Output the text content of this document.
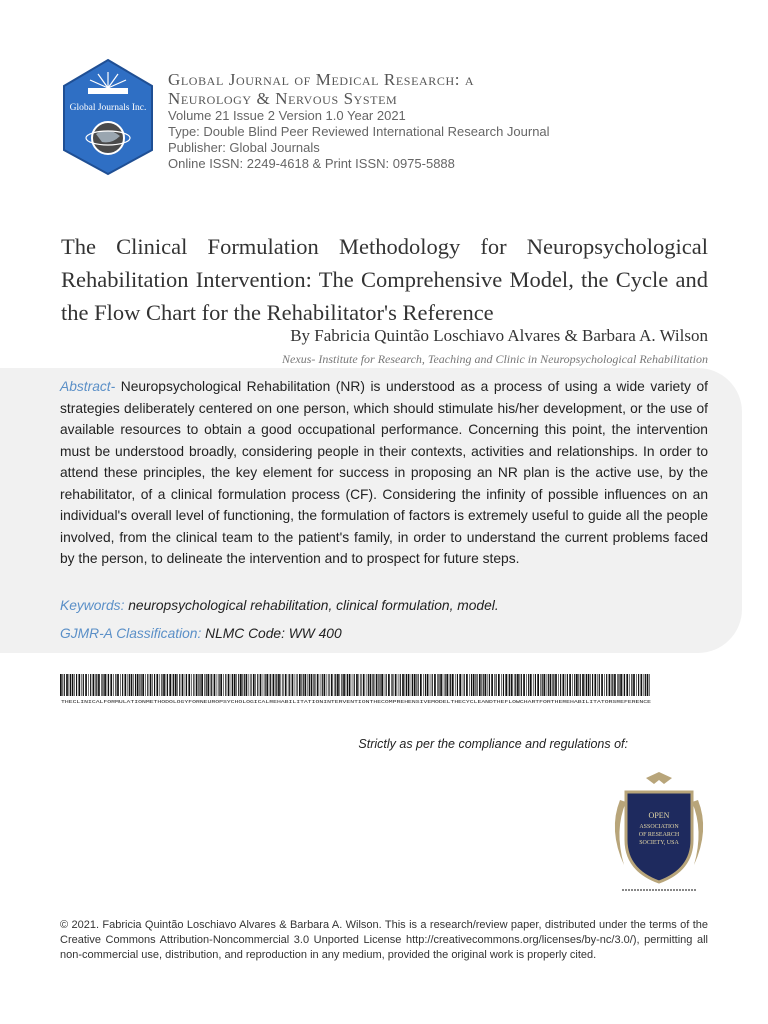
Global Journals Inc.
Global Journal of Medical Research: a
Neurology & Nervous System
Volume 21 Issue 2 Version 1.0 Year 2021
Type: Double Blind Peer Reviewed International Research Journal
Publisher: Global Journals
Online ISSN: 2249-4618 & Print ISSN: 0975-5888
The Clinical Formulation Methodology for Neuropsychological Rehabilitation Intervention: The Comprehensive Model, the Cycle and the Flow Chart for the Rehabilitator's Reference
By Fabricia Quintão Loschiavo Alvares & Barbara A. Wilson
Nexus- Institute for Research, Teaching and Clinic in Neuropsychological Rehabilitation
Abstract- Neuropsychological Rehabilitation (NR) is understood as a process of using a wide variety of strategies deliberately centered on one person, which should stimulate his/her development, or the use of available resources to obtain a good occupational performance. Concerning this point, the intervention must be understood broadly, considering people in their contexts, activities and relationships. In order to attend these principles, the key element for success in proposing an NR plan is the active use, by the rehabilitator, of a clinical formulation process (CF). Considering the infinity of possible influences on an individual's overall level of functioning, the formulation of factors is extremely useful to guide all the people involved, from the clinical team to the patient's family, in order to understand the current problems faced by the person, to delineate the intervention and to prospect for future steps.
Keywords: neuropsychological rehabilitation, clinical formulation, model.
GJMR-A Classification: NLMC Code: WW 400
THECLINICALFORMULATIONMETHODOLOGYFORNEUROPSYCHOLOGICALREHABILITATIONINTERVENTIONTHECOMPREHENSIVEMODELTHECYCLEANDTHEFLOWCHARTFORTHEREHABILITATORSREFERENCE
Strictly as per the compliance and regulations of:
OPEN
ASSOCIATION
OF RESEARCH
SOCIETY, USA
© 2021. Fabricia Quintão Loschiavo Alvares & Barbara A. Wilson. This is a research/review paper, distributed under the terms of the Creative Commons Attribution-Noncommercial 3.0 Unported License http://creativecommons.org/licenses/by-nc/3.0/), permitting all non-commercial use, distribution, and reproduction in any medium, provided the original work is properly cited.
